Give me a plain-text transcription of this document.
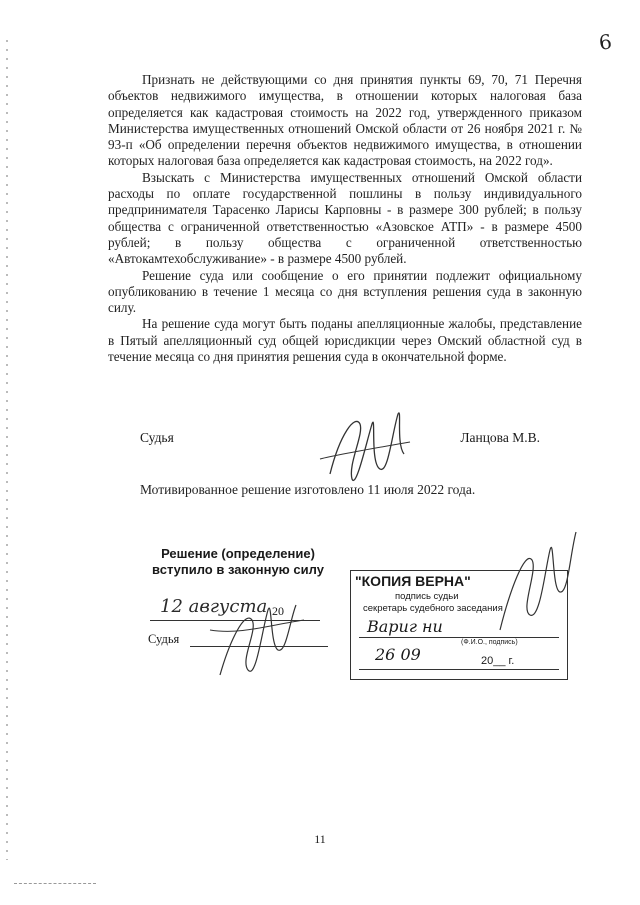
6

Признать не действующими со дня принятия пункты 69, 70, 71 Перечня объектов недвижимого имущества, в отношении которых налоговая база определяется как кадастровая стоимость на 2022 год, утвержденного приказом Министерства имущественных отношений Омской области от 26 ноября 2021 г. № 93-п «Об определении перечня объектов недвижимого имущества, в отношении которых налоговая база определяется как кадастровая стоимость, на 2022 год».

Взыскать с Министерства имущественных отношений Омской области расходы по оплате государственной пошлины в пользу индивидуального предпринимателя Тарасенко Ларисы Карповны - в размере 300 рублей; в пользу общества с ограниченной ответственностью «Азовское АТП» - в размере 4500 рублей; в пользу общества с ограниченной ответственностью «Автокамтехобслуживание» - в размере 4500 рублей.

Решение суда или сообщение о его принятии подлежит официальному опубликованию в течение 1 месяца со дня вступления решения суда в законную силу.

На решение суда могут быть поданы апелляционные жалобы, представление в Пятый апелляционный суд общей юрисдикции через Омский областной суд в течение месяца со дня принятия решения суда в окончательной форме.

Судья	Ланцова М.В.
Мотивированное решение изготовлено 11 июля 2022 года.
Решение (определение)
вступило в законную силу
12 августа 20
Судья
"КОПИЯ ВЕРНА"
подпись судьи
секретарь судебного заседания
Вариг ни
(Ф.И.О., подпись)
26 09	20__ г.
11
